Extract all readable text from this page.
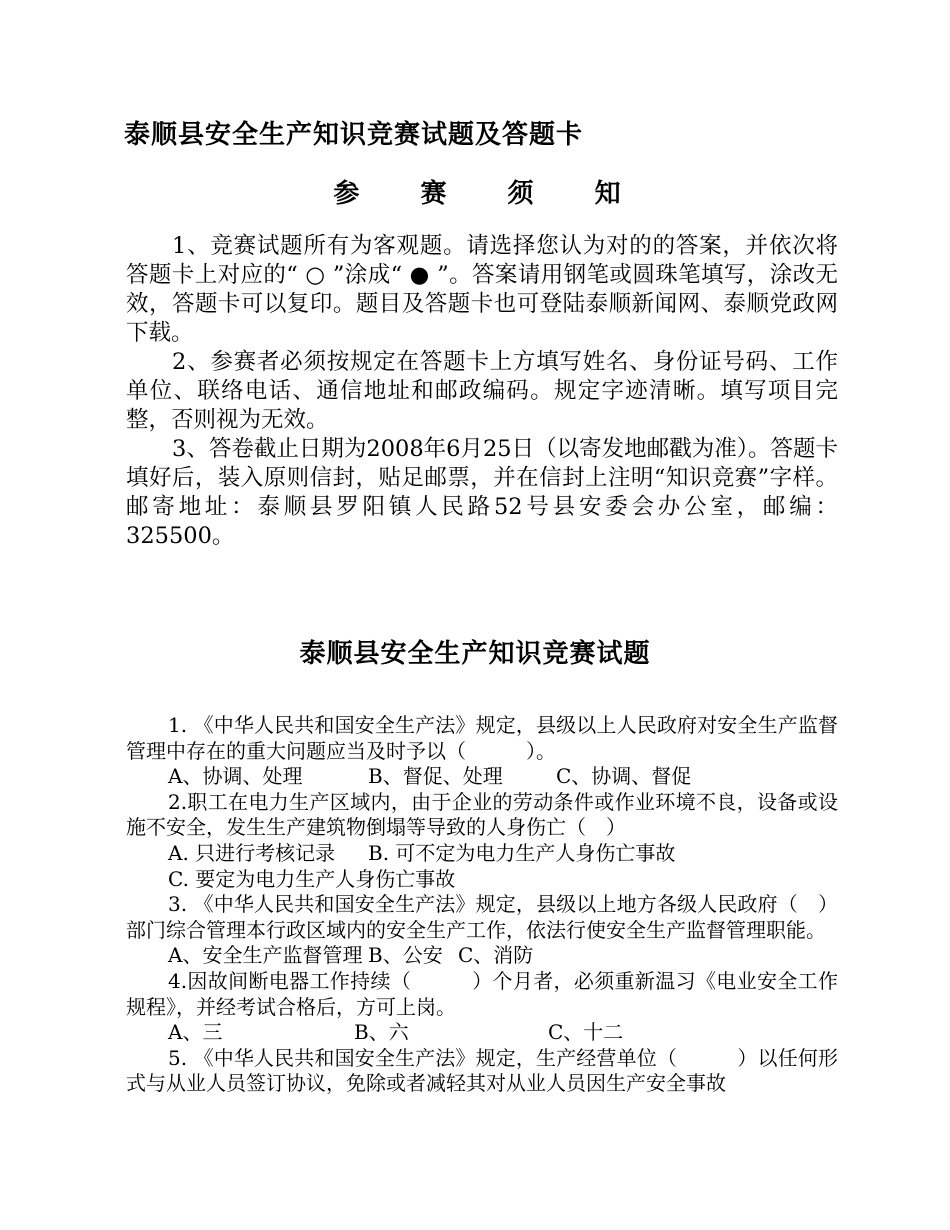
泰顺县安全生产知识竞赛试题及答题卡
参 赛 须 知

1、竞赛试题所有为客观题。请选择您认为对的的答案，并依次将答题卡上对应的“ ○ ”涂成“ ● ”。答案请用钢笔或圆珠笔填写，涂改无效，答题卡可以复印。题目及答题卡也可登陆泰顺新闻网、泰顺党政网下载。

2、参赛者必须按规定在答题卡上方填写姓名、身份证号码、工作单位、联络电话、通信地址和邮政编码。规定字迹清晰。填写项目完整，否则视为无效。

3、答卷截止日期为2008年6月25日（以寄发地邮戳为准）。答题卡填好后，装入原则信封，贴足邮票，并在信封上注明“知识竞赛”字样。邮寄地址：泰顺县罗阳镇人民路52号县安委会办公室，邮编：325500。

泰顺县安全生产知识竞赛试题

1. 《中华人民共和国安全生产法》规定，县级以上人民政府对安全生产监督管理中存在的重大问题应当及时予以（　　　）。

A、协调、处理	B、督促、处理	C、协调、督促

2.职工在电力生产区域内，由于企业的劳动条件或作业环境不良，设备或设施不安全，发生生产建筑物倒塌等导致的人身伤亡（　）

A. 只进行考核记录 B. 可不定为电力生产人身伤亡事故
C. 要定为电力生产人身伤亡事故

3. 《中华人民共和国安全生产法》规定，县级以上地方各级人民政府（　）部门综合管理本行政区域内的安全生产工作，依法行使安全生产监督管理职能。

A、安全生产监督管理 B、公安 C、消防

4.因故间断电器工作持续（　　　）个月者，必须重新温习《电业安全工作规程》，并经考试合格后，方可上岗。

A、三	B、六	C、十二

5. 《中华人民共和国安全生产法》规定，生产经营单位（　　　）以任何形式与从业人员签订协议，免除或者减轻其对从业人员因生产安全事故
